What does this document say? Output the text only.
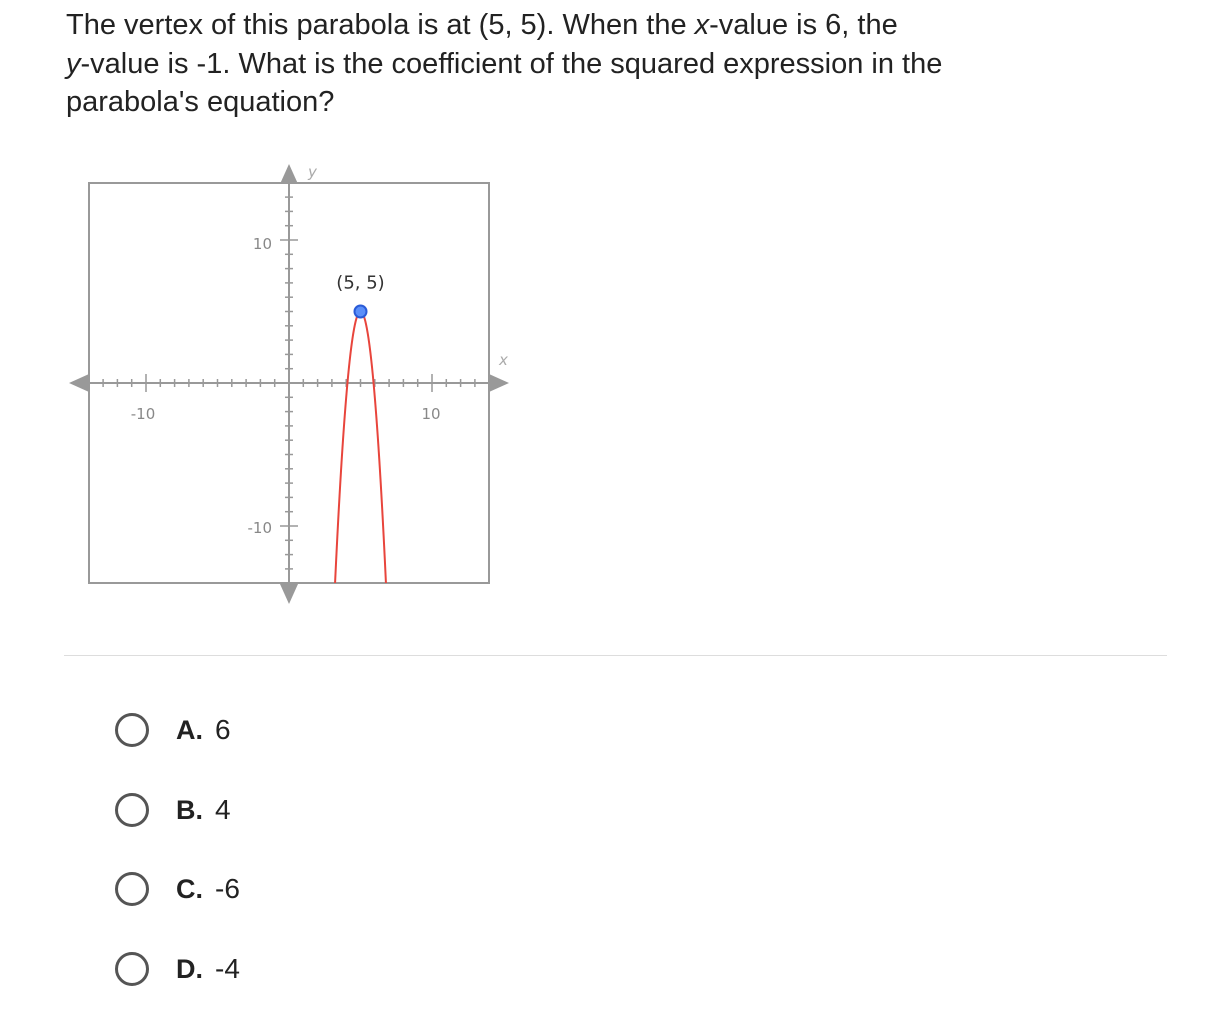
The vertex of this parabola is at (5, 5). When the x-value is 6, the
y-value is -1. What is the coefficient of the squared expression in the
parabola's equation?
x
y
-10	10
10
-10
(5, 5)
A. 6
B. 4
C. -6
D. -4
